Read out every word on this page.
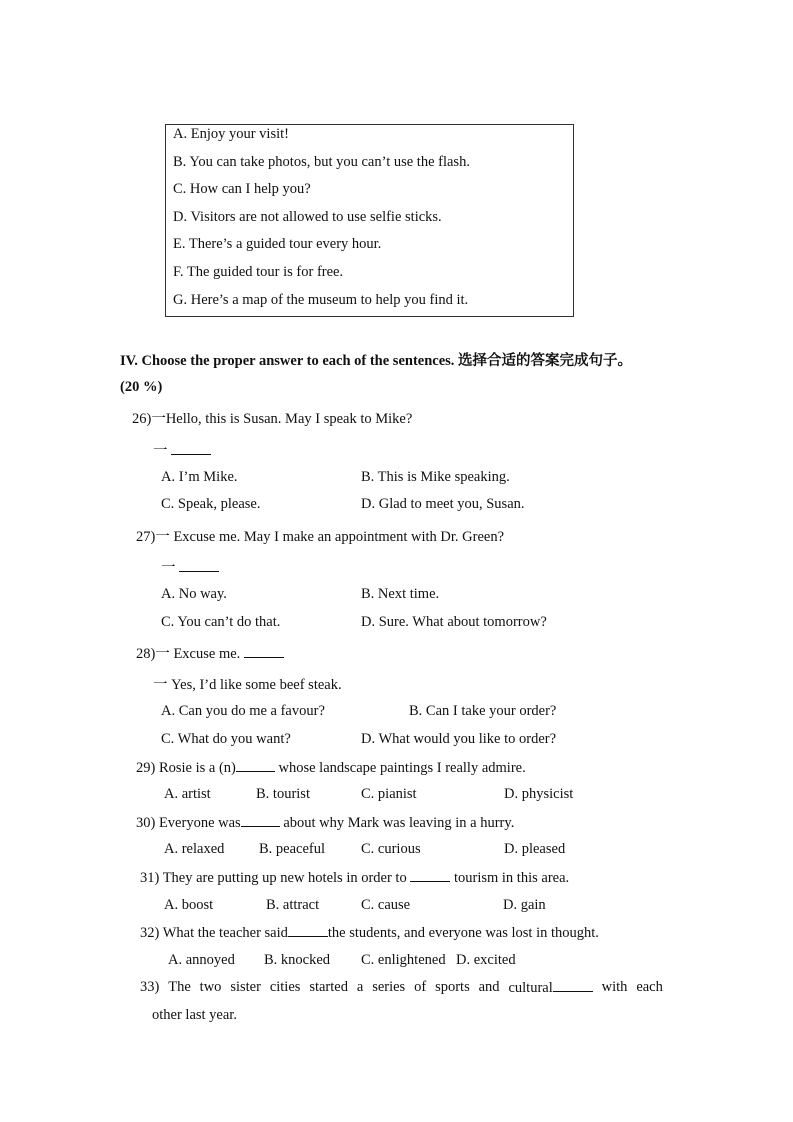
A. Enjoy your visit!
B. You can take photos, but you can’t use the flash.
C. How can I help you?
D. Visitors are not allowed to use selfie sticks.
E. There’s a guided tour every hour.
F. The guided tour is for free.
G. Here’s a map of the museum to help you find it.
IV. Choose the proper answer to each of the sentences. 选择合适的答案完成句子。
(20 %)
26)一Hello, this is Susan. May I speak to Mike?
一
A. I’m Mike.	B. This is Mike speaking.
C. Speak, please.	D. Glad to meet you, Susan.
27)一 Excuse me. May I make an appointment with Dr. Green?
一
A. No way.	B. Next time.
C. You can’t do that.	D. Sure. What about tomorrow?
28)一 Excuse me.
一 Yes, I’d like some beef steak.
A. Can you do me a favour?	B. Can I take your order?
C. What do you want?	D. What would you like to order?
29) Rosie is a (n)	whose landscape paintings I really admire.
A. artist	B. tourist	C. pianist	D. physicist
30) Everyone was	about why Mark was leaving in a hurry.
A. relaxed B. peaceful C. curious	D. pleased
31) They are putting up new hotels in order to	tourism in this area.
A. boost	B. attract	C. cause	D. gain
32) What the teacher said	the students, and everyone was lost in thought.
A. annoyed B. knocked C. enlightened D. excited
33) The two sister cities started a series of sports and cultural	with each
other last year.
